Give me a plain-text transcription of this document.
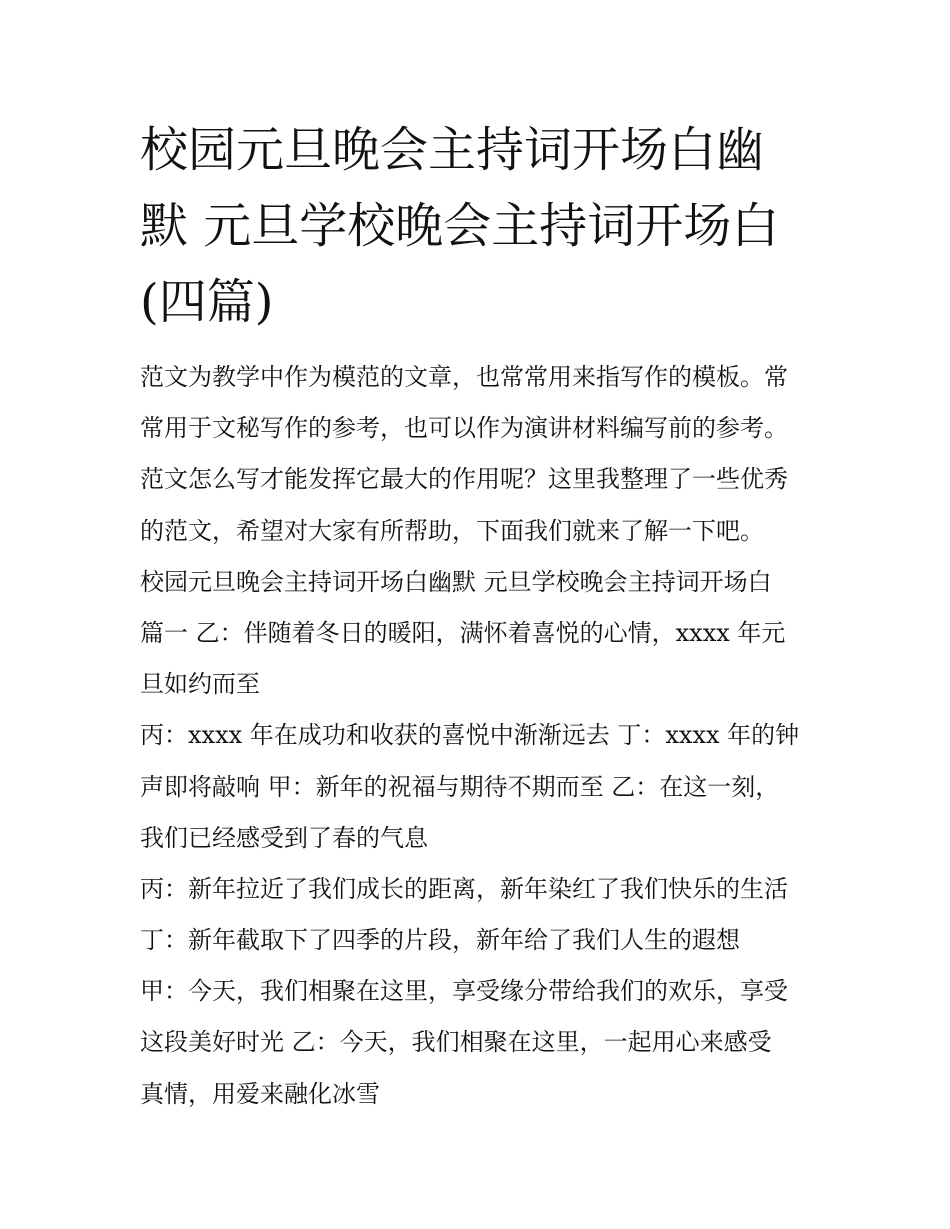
校园元旦晚会主持词开场白幽
默 元旦学校晚会主持词开场白
(四篇)
范文为教学中作为模范的文章，也常常用来指写作的模板。常
常用于文秘写作的参考，也可以作为演讲材料编写前的参考。
范文怎么写才能发挥它最大的作用呢？这里我整理了一些优秀
的范文，希望对大家有所帮助，下面我们就来了解一下吧。
校园元旦晚会主持词开场白幽默 元旦学校晚会主持词开场白
篇一 乙：伴随着冬日的暖阳，满怀着喜悦的心情，xxxx 年元
旦如约而至
丙：xxxx 年在成功和收获的喜悦中渐渐远去 丁：xxxx 年的钟
声即将敲响 甲：新年的祝福与期待不期而至 乙：在这一刻，
我们已经感受到了春的气息
丙：新年拉近了我们成长的距离，新年染红了我们快乐的生活
丁：新年截取下了四季的片段，新年给了我们人生的遐想
甲：今天，我们相聚在这里，享受缘分带给我们的欢乐，享受
这段美好时光 乙：今天，我们相聚在这里，一起用心来感受
真情，用爱来融化冰雪
